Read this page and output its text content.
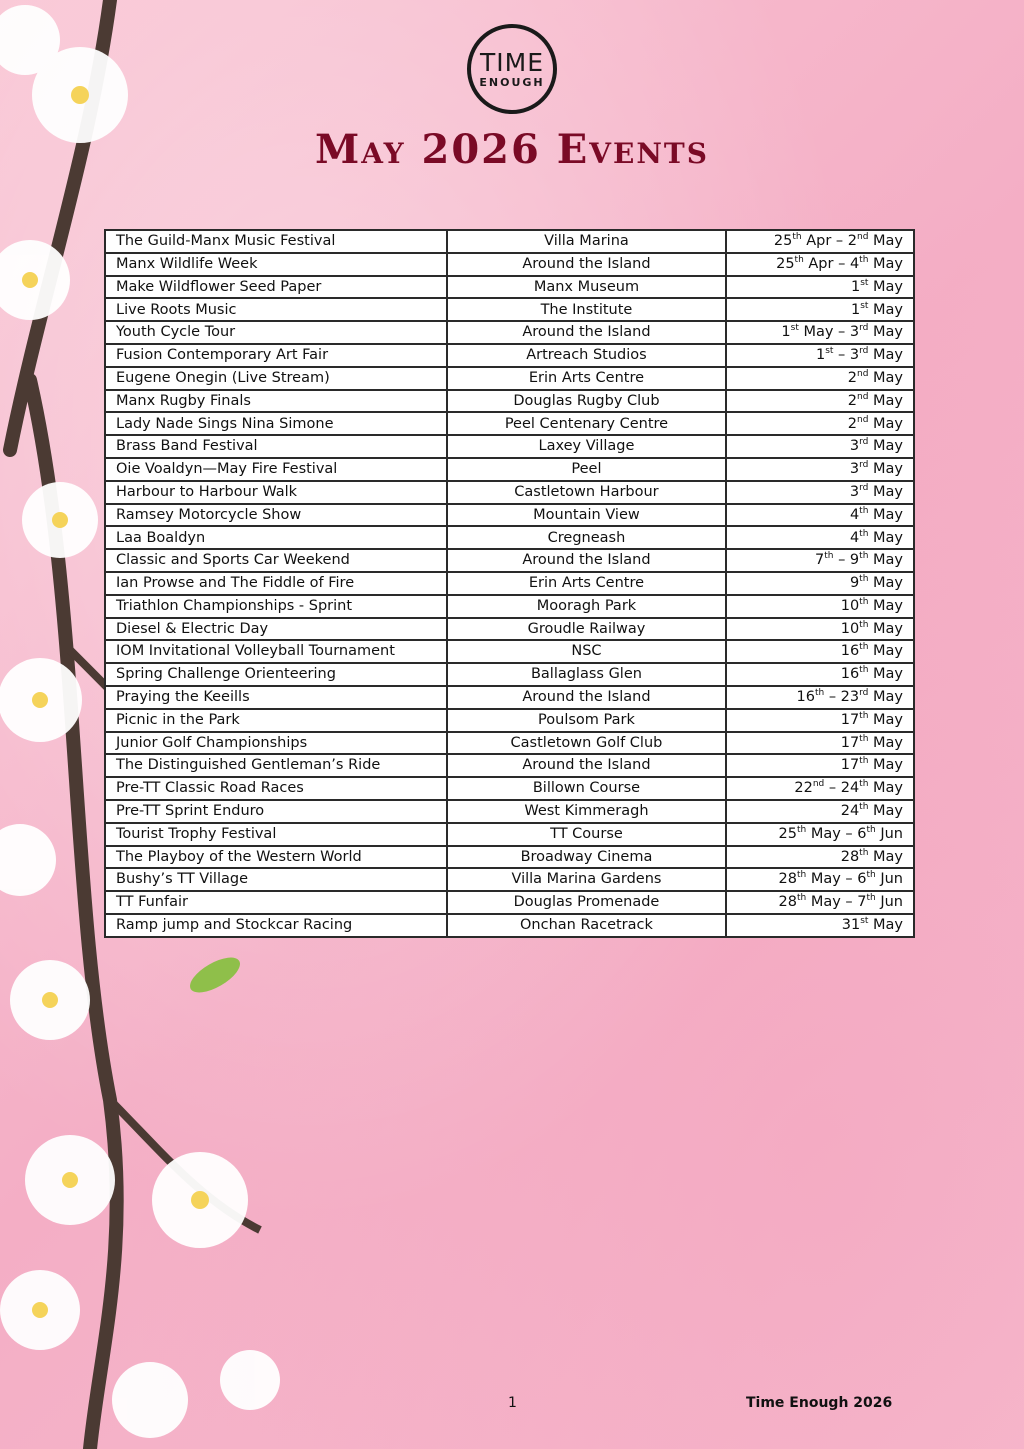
TIME
ENOUGH
May 2026 Events
The Guild-Manx Music Festival	Villa Marina	25th Apr – 2nd May
Manx Wildlife Week	Around the Island	25th Apr – 4th May
Make Wildflower Seed Paper	Manx Museum	1st May
Live Roots Music	The Institute	1st May
Youth Cycle Tour	Around the Island	1st May – 3rd May
Fusion Contemporary Art Fair	Artreach Studios	1st – 3rd May
Eugene Onegin (Live Stream)	Erin Arts Centre	2nd May
Manx Rugby Finals	Douglas Rugby Club	2nd May
Lady Nade Sings Nina Simone	Peel Centenary Centre	2nd May
Brass Band Festival	Laxey Village	3rd May
Oie Voaldyn—May Fire Festival	Peel	3rd May
Harbour to Harbour Walk	Castletown Harbour	3rd May
Ramsey Motorcycle Show	Mountain View	4th May
Laa Boaldyn	Cregneash	4th May
Classic and Sports Car Weekend	Around the Island	7th – 9th May
Ian Prowse and The Fiddle of Fire	Erin Arts Centre	9th May
Triathlon Championships - Sprint	Mooragh Park	10th May
Diesel & Electric Day	Groudle Railway	10th May
IOM Invitational Volleyball Tournament	NSC	16th May
Spring Challenge Orienteering	Ballaglass Glen	16th May
Praying the Keeills	Around the Island	16th – 23rd May
Picnic in the Park	Poulsom Park	17th May
Junior Golf Championships	Castletown Golf Club	17th May
The Distinguished Gentleman’s Ride	Around the Island	17th May
Pre-TT Classic Road Races	Billown Course	22nd – 24th May
Pre-TT Sprint Enduro	West Kimmeragh	24th May
Tourist Trophy Festival	TT Course	25th May – 6th Jun
The Playboy of the Western World	Broadway Cinema	28th May
Bushy’s TT Village	Villa Marina Gardens	28th May – 6th Jun
TT Funfair	Douglas Promenade	28th May – 7th Jun
Ramp jump and Stockcar Racing	Onchan Racetrack	31st May
1	Time Enough 2026
